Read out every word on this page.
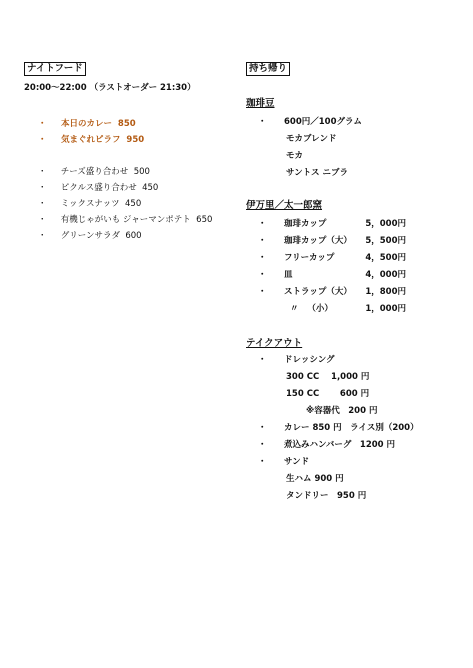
ナイトフード
20:00～22:00 （ラストオーダー 21:30）
・ 本日のカレー 850
・ 気まぐれピラフ 950
・ チーズ盛り合わせ 500
・ ピクルス盛り合わせ 450
・ ミックスナッツ 450
・ 有機じゃがいも ジャーマンポテト 650
・ グリーンサラダ 600
持ち帰り
珈琲豆
・ 600円／100グラム
モカブレンド
モカ
サントス ニブラ
伊万里／太一郎窯
・ 珈琲カップ	5，000円
・ 珈琲カップ（大） 5，500円
・ フリーカップ	4，500円
・ 皿	4，000円
・ ストラップ（大） 1，800円
〃 （小）	1，000円
テイクアウト
・ ドレッシング
300 CC 1,000 円
150 CC 600 円
※容器代　200 円
・ カレー 850 円　ライス別（200）
・ 煮込みハンバーグ　1200 円
・ サンド
生ハム 900 円
タンドリー　950 円
